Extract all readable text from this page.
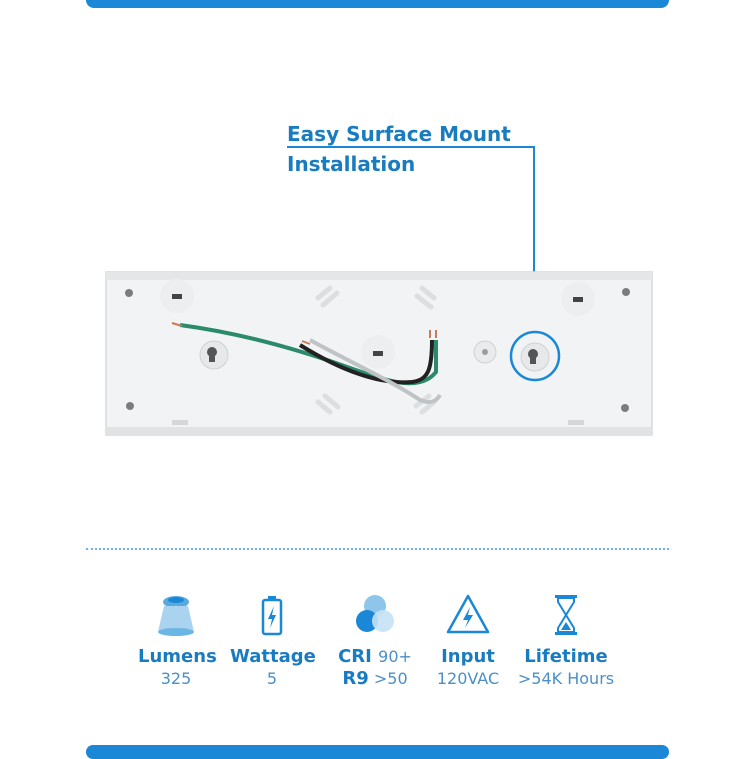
Easy Surface Mount
Installation
Lumens
325
Wattage
5
CRI 90+
R9 >50
Input
120VAC
Lifetime
>54K Hours
